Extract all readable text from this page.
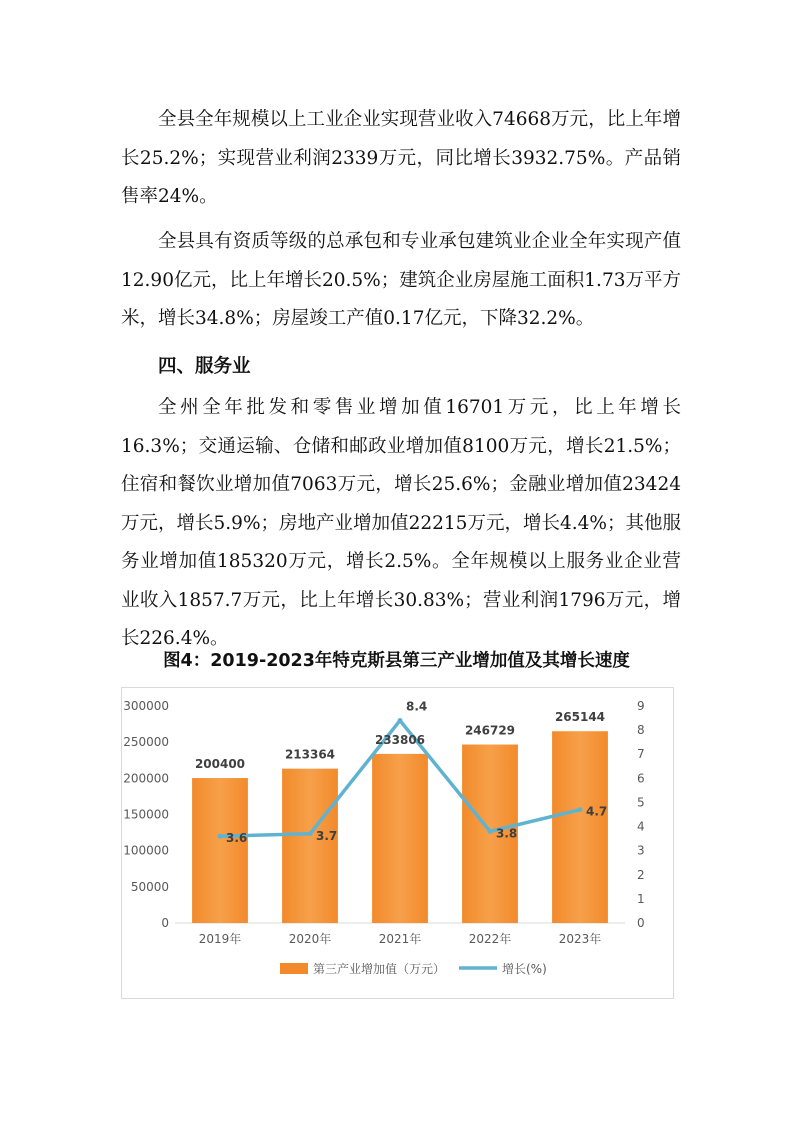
全县全年规模以上工业企业实现营业收入74668万元，比上年增长25.2%；实现营业利润2339万元，同比增长3932.75%。产品销售率24%。

全县具有资质等级的总承包和专业承包建筑业企业全年实现产值12.90亿元，比上年增长20.5%；建筑企业房屋施工面积1.73万平方米，增长34.8%；房屋竣工产值0.17亿元，下降32.2%。

四、服务业

全州全年批发和零售业增加值16701万元，比上年增长16.3%；交通运输、仓储和邮政业增加值8100万元，增长21.5%；住宿和餐饮业增加值7063万元，增长25.6%；金融业增加值23424万元，增长5.9%；房地产业增加值22215万元，增长4.4%；其他服务业增加值185320万元，增长2.5%。全年规模以上服务业企业营业收入1857.7万元，比上年增长30.83%；营业利润1796万元，增长226.4%。

图4：2019-2023年特克斯县第三产业增加值及其增长速度

0
50000
100000
150000
200000
250000
300000
0
1
2
3
4
5
6
7
8
9
2019年	2020年	2021年	2022年	2023年
200400
213364
233806
246729
265144
3.6	3.7
8.4
3.8
4.7
第三产业增加值（万元）	增长(%)
